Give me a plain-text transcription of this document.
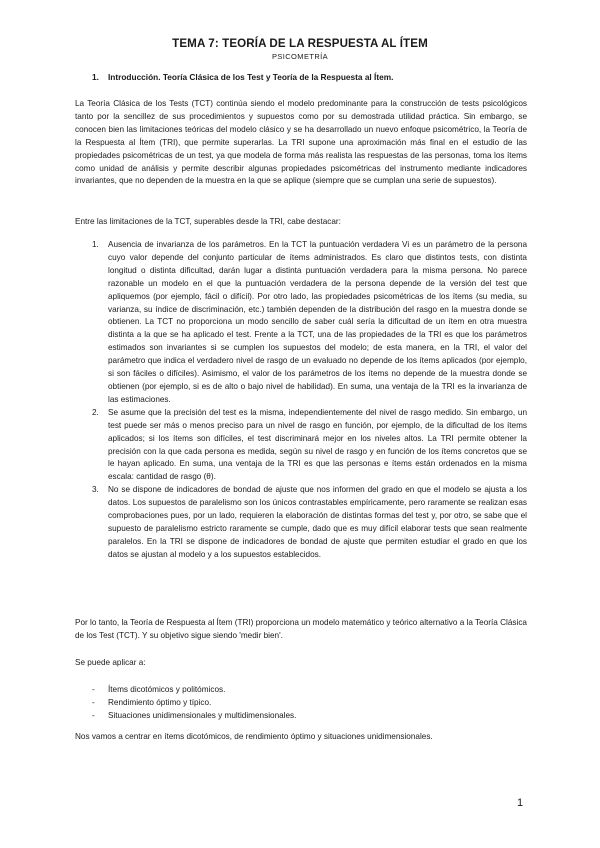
TEMA 7: TEORÍA DE LA RESPUESTA AL ÍTEM
PSICOMETRÍA
1. Introducción. Teoría Clásica de los Test y Teoría de la Respuesta al Ítem.

La Teoría Clásica de los Tests (TCT) continúa siendo el modelo predominante para la construcción de tests psicológicos tanto por la sencillez de sus procedimientos y supuestos como por su demostrada utilidad práctica. Sin embargo, se conocen bien las limitaciones teóricas del modelo clásico y se ha desarrollado un nuevo enfoque psicométrico, la Teoría de la Respuesta al Ítem (TRI), que permite superarlas. La TRI supone una aproximación más final en el estudio de las propiedades psicométricas de un test, ya que modela de forma más realista las respuestas de las personas, toma los ítems como unidad de análisis y permite describir algunas propiedades psicométricas del instrumento mediante indicadores invariantes, que no dependen de la muestra en la que se aplique (siempre que se cumplan una serie de supuestos).

Entre las limitaciones de la TCT, superables desde la TRI, cabe destacar:

1. Ausencia de invarianza de los parámetros. En la TCT la puntuación verdadera Vi es un parámetro de la persona cuyo valor depende del conjunto particular de ítems administrados. Es claro que distintos tests, con distinta longitud o distinta dificultad, darán lugar a distinta puntuación verdadera para la misma persona. No parece razonable un modelo en el que la puntuación verdadera de la persona depende de la versión del test que apliquemos (por ejemplo, fácil o difícil). Por otro lado, las propiedades psicométricas de los ítems (su media, su varianza, su índice de discriminación, etc.) también dependen de la distribución del rasgo en la muestra donde se obtienen. La TCT no proporciona un modo sencillo de saber cuál sería la dificultad de un ítem en otra muestra distinta a la que se ha aplicado el test. Frente a la TCT, una de las propiedades de la TRI es que los parámetros estimados son invariantes si se cumplen los supuestos del modelo; de esta manera, en la TRI, el valor del parámetro que indica el verdadero nivel de rasgo de un evaluado no depende de los ítems aplicados (por ejemplo, si son fáciles o difíciles). Asimismo, el valor de los parámetros de los ítems no depende de la muestra donde se obtienen (por ejemplo, si es de alto o bajo nivel de habilidad). En suma, una ventaja de la TRI es la invarianza de las estimaciones.
2. Se asume que la precisión del test es la misma, independientemente del nivel de rasgo medido. Sin embargo, un test puede ser más o menos preciso para un nivel de rasgo en función, por ejemplo, de la dificultad de los ítems aplicados; si los ítems son difíciles, el test discriminará mejor en los niveles altos. La TRI permite obtener la precisión con la que cada persona es medida, según su nivel de rasgo y en función de los ítems concretos que se le hayan aplicado. En suma, una ventaja de la TRI es que las personas e ítems están ordenados en la misma escala: cantidad de rasgo (θ).
3. No se dispone de indicadores de bondad de ajuste que nos informen del grado en que el modelo se ajusta a los datos. Los supuestos de paralelismo son los únicos contrastables empíricamente, pero raramente se realizan esas comprobaciones pues, por un lado, requieren la elaboración de distintas formas del test y, por otro, se sabe que el supuesto de paralelismo estricto raramente se cumple, dado que es muy difícil elaborar tests que sean realmente paralelos. En la TRI se dispone de indicadores de bondad de ajuste que permiten estudiar el grado en que los datos se ajustan al modelo y a los supuestos establecidos.

Por lo tanto, la Teoría de Respuesta al Ítem (TRI) proporciona un modelo matemático y teórico alternativo a la Teoría Clásica de los Test (TCT). Y su objetivo sigue siendo 'medir bien'.

Se puede aplicar a:

- Ítems dicotómicos y politómicos.
- Rendimiento óptimo y típico.
- Situaciones unidimensionales y multidimensionales.

Nos vamos a centrar en ítems dicotómicos, de rendimiento óptimo y situaciones unidimensionales.

1
